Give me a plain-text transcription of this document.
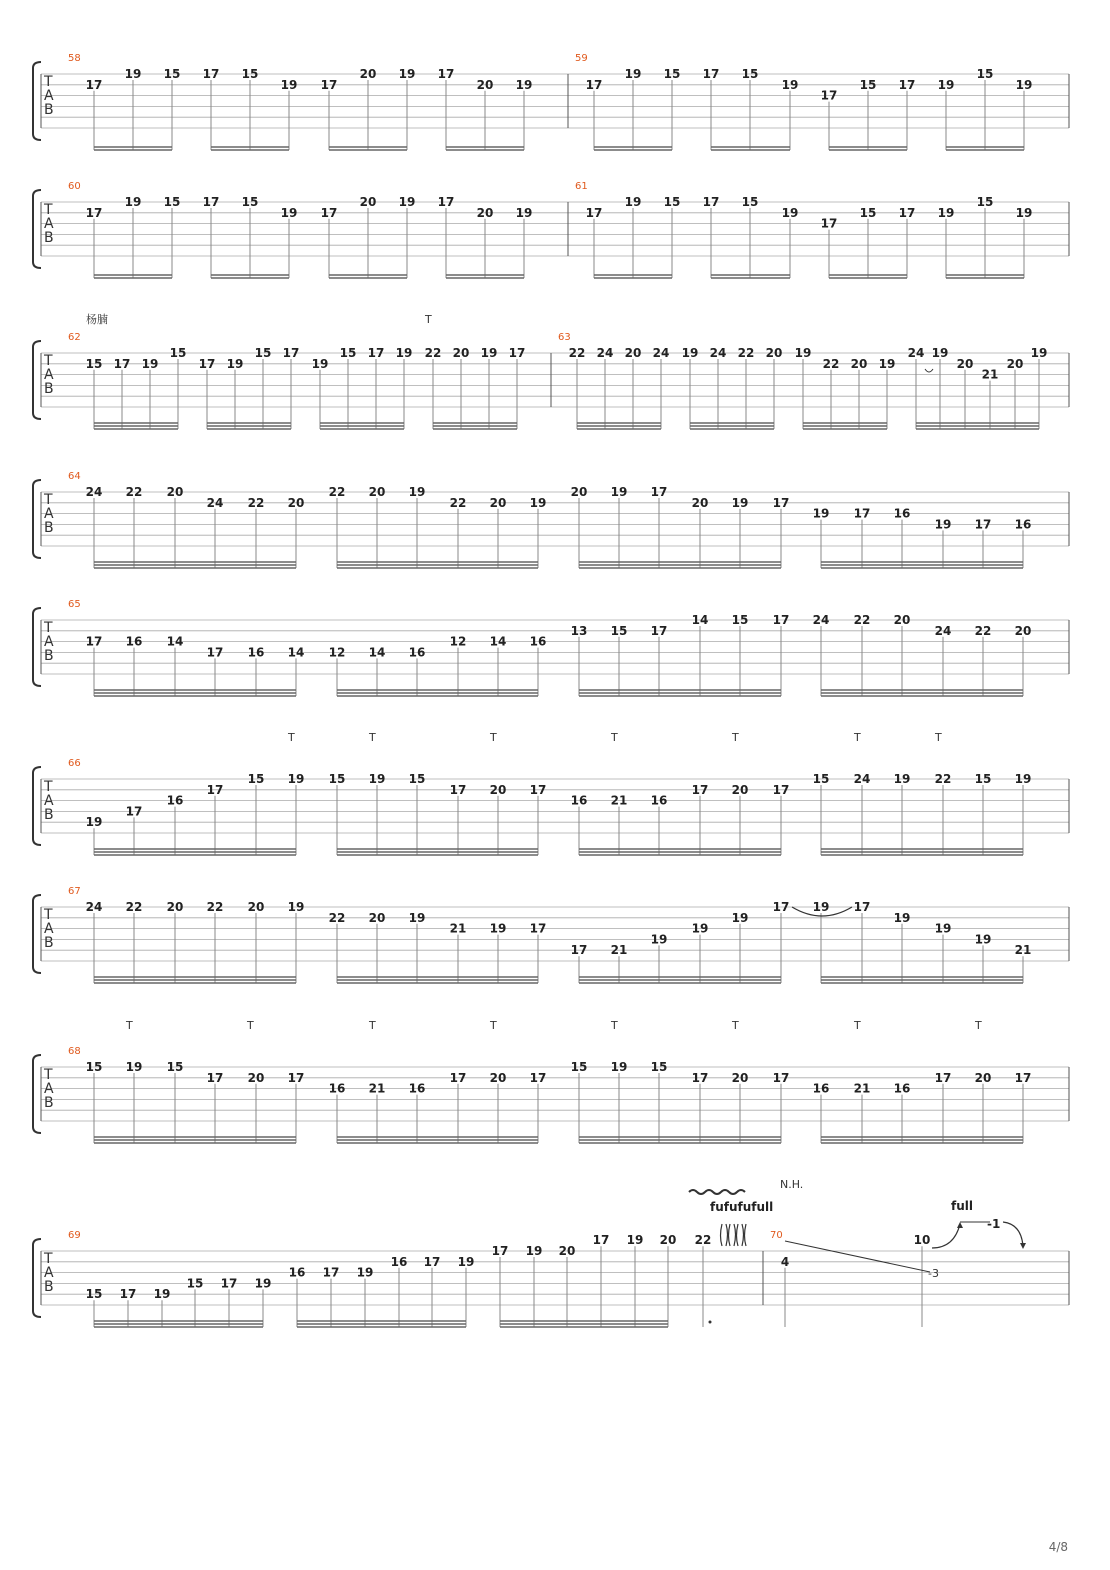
T
A
B
58
17
19 15 17 15
19 17
20 19 17
20 19
59
17
19 15 17 15
19
17
15 17 19
15
19
T
A
B
60
17
19 15 17 15
19 17
20 19 17
20 19
61
17
19 15 17 15
19
17
15 17 19
15
19
T
A
B
62
15 17 19
15
17 19
15 17
19
15 17 19 22 20 19 17
63
22 24 20 24 19 24 22 20 19
22 20 19
24 19
20
21
20
19
T
A
B
64
24 22 20
24 22 20
22 20 19
22 20 19
20 19 17
20 19 17
19 17 16
19 17 16
T
A
B
65
17 16 14
17 16 14 12 14 16
12 14 16
13 15 17
14 15 17 24 22 20
24 22 20
T
A
B
66
19
17
16
17
15 19 15 19 15
17 20 17
16 21 16
17 20 17
15 24 19 22 15 19
T
A
B
67
24 22 20 22 20 19
22 20 19
21 19 17
17 21
19
19
19
17 19 17
19
19
19
21
T
A
B
68
15 19 15
17 20 17
16 21 16
17 20 17
15 19 15
17 20 17
16 21 16
17 20 17
T
A
B
69
15 17 19
15 17 19
16 17 19
16 17 19
17 19 20
17 19 20 22	70
4
10
杨腩	T
T	T	T	T	T	T	T
T	T	T	T	T	T	T	T
fufufufull
N.H.
-3
full
-1
4/8
